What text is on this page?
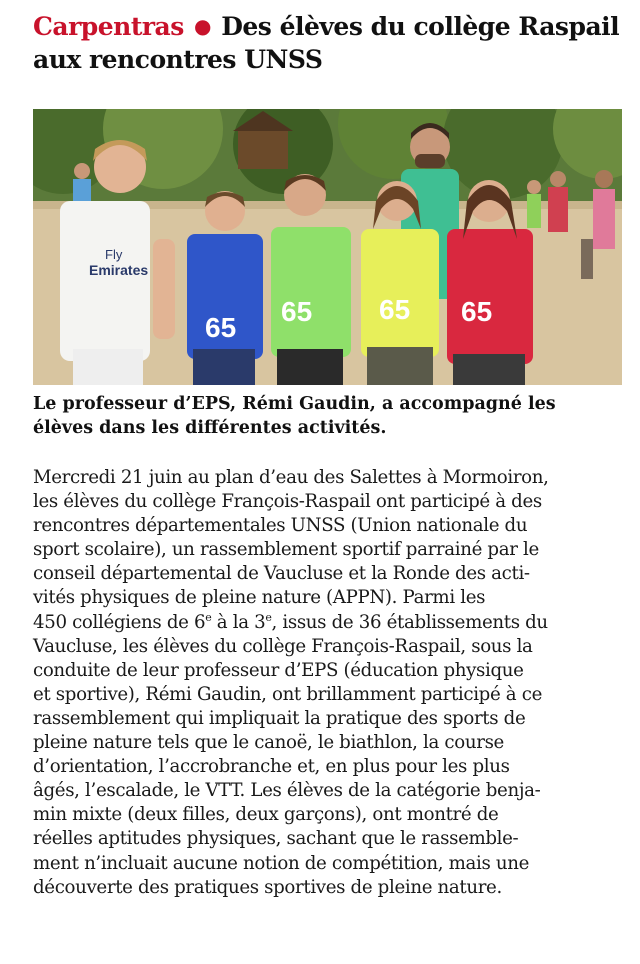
Carpentras ● Des élèves du collège Raspail
aux rencontres UNSS
Fly
Emirates
65
65 65 65
Le professeur d’EPS, Rémi Gaudin, a accompagné les
élèves dans les différentes activités.
Mercredi 21 juin au plan d’eau des Salettes à Mormoiron,
les élèves du collège François-Raspail ont participé à des
rencontres départementales UNSS (Union nationale du
sport scolaire), un rassemblement sportif parrainé par le
conseil départemental de Vaucluse et la Ronde des acti-
vités physiques de pleine nature (APPN). Parmi les
450 collégiens de 6e à la 3e, issus de 36 établissements du
Vaucluse, les élèves du collège François-Raspail, sous la
conduite de leur professeur d’EPS (éducation physique
et sportive), Rémi Gaudin, ont brillamment participé à ce
rassemblement qui impliquait la pratique des sports de
pleine nature tels que le canoë, le biathlon, la course
d’orientation, l’accrobranche et, en plus pour les plus
âgés, l’escalade, le VTT. Les élèves de la catégorie benja-
min mixte (deux filles, deux garçons), ont montré de
réelles aptitudes physiques, sachant que le rassemble-
ment n’incluait aucune notion de compétition, mais une
découverte des pratiques sportives de pleine nature.
